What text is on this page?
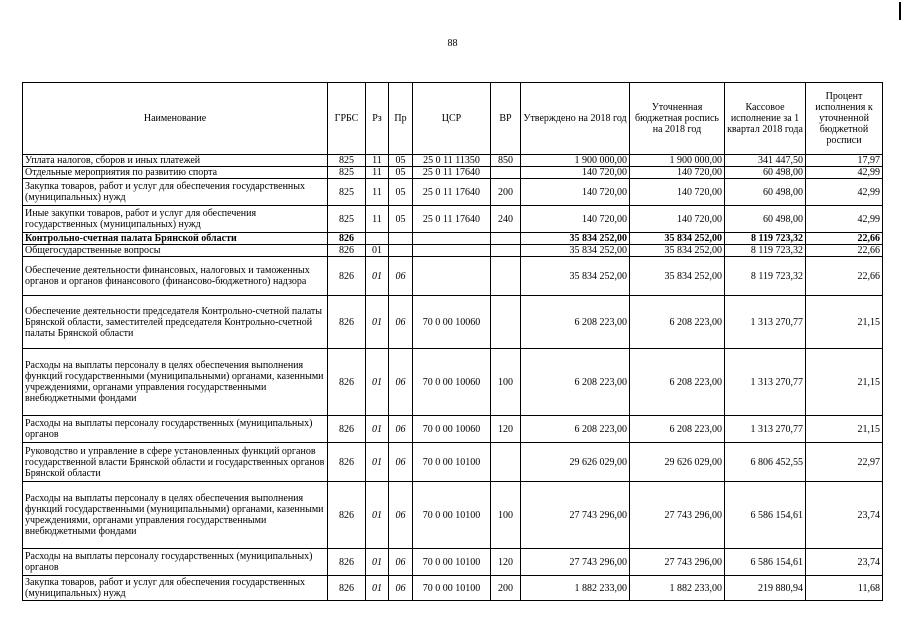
88
Наименование	ГРБС	Рз	Пр	ЦСР	ВР	Утверждено на 2018 год	Уточненная бюджетная роспись на 2018 год	Кассовое исполнение за 1 квартал 2018 года	Процент исполнения к уточненной бюджетной росписи
Уплата налогов, сборов и иных платежей	825	11	05	25 0 11 11350	850	1 900 000,00	1 900 000,00	341 447,50	17,97
Отдельные мероприятия по развитию спорта	825	11	05	25 0 11 17640		140 720,00	140 720,00	60 498,00	42,99
Закупка товаров, работ и услуг для обеспечения государственных (муниципальных) нужд	825	11	05	25 0 11 17640	200	140 720,00	140 720,00	60 498,00	42,99
Иные закупки товаров, работ и услуг для обеспечения государственных (муниципальных) нужд	825	11	05	25 0 11 17640	240	140 720,00	140 720,00	60 498,00	42,99
Контрольно-счетная палата Брянской области	826					35 834 252,00	35 834 252,00	8 119 723,32	22,66
Общегосударственные вопросы	826	01				35 834 252,00	35 834 252,00	8 119 723,32	22,66
Обеспечение деятельности финансовых, налоговых и таможенных органов и органов финансового (финансово-бюджетного) надзора	826	01	06			35 834 252,00	35 834 252,00	8 119 723,32	22,66
Обеспечение деятельности председателя Контрольно-счетной палаты Брянской области, заместителей председателя Контрольно-счетной палаты Брянской области	826	01	06	70 0 00 10060		6 208 223,00	6 208 223,00	1 313 270,77	21,15
Расходы на выплаты персоналу в целях обеспечения выполнения функций государственными (муниципальными) органами, казенными учреждениями, органами управления государственными внебюджетными фондами	826	01	06	70 0 00 10060	100	6 208 223,00	6 208 223,00	1 313 270,77	21,15
Расходы на выплаты персоналу государственных (муниципальных) органов	826	01	06	70 0 00 10060	120	6 208 223,00	6 208 223,00	1 313 270,77	21,15
Руководство и управление в сфере установленных функций органов государственной власти Брянской области и государственных органов Брянской области	826	01	06	70 0 00 10100		29 626 029,00	29 626 029,00	6 806 452,55	22,97
Расходы на выплаты персоналу в целях обеспечения выполнения функций государственными (муниципальными) органами, казенными учреждениями, органами управления государственными внебюджетными фондами	826	01	06	70 0 00 10100	100	27 743 296,00	27 743 296,00	6 586 154,61	23,74
Расходы на выплаты персоналу государственных (муниципальных) органов	826	01	06	70 0 00 10100	120	27 743 296,00	27 743 296,00	6 586 154,61	23,74
Закупка товаров, работ и услуг для обеспечения государственных (муниципальных) нужд	826	01	06	70 0 00 10100	200	1 882 233,00	1 882 233,00	219 880,94	11,68
